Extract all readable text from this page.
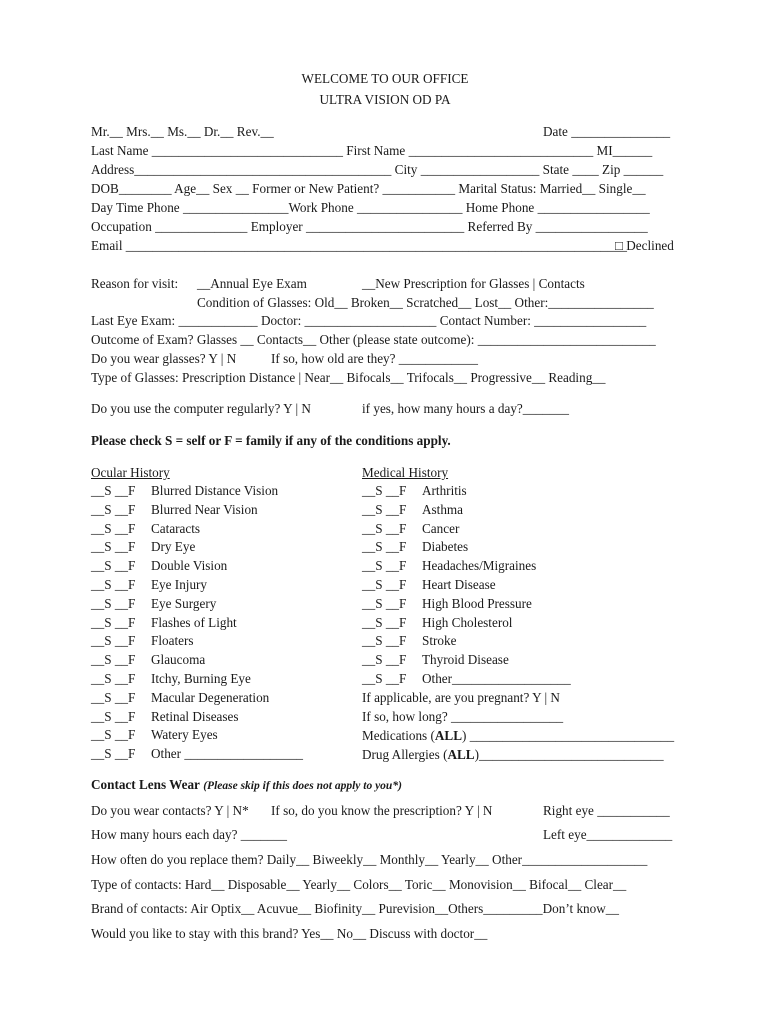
WELCOME TO OUR OFFICE
ULTRA VISION OD PA
Mr.__ Mrs.__ Ms.__ Dr.__ Rev.__	Date _______________
Last Name _____________________________ First Name ____________________________ MI______
Address_______________________________________ City __________________ State ____ Zip ______
DOB________ Age__ Sex __ Former or New Patient? ___________ Marital Status: Married__ Single__
Day Time Phone ________________Work Phone ________________ Home Phone _________________
Occupation ______________ Employer ________________________ Referred By _________________
Email ____________________________________________________________________________
□ Declined
Reason for visit: __Annual Eye Exam	__New Prescription for Glasses | Contacts
Condition of Glasses: Old__ Broken__ Scratched__ Lost__ Other:________________
Last Eye Exam: ____________ Doctor: ____________________ Contact Number: _________________
Outcome of Exam? Glasses __ Contacts__ Other (please state outcome): ___________________________
Do you wear glasses? Y | N	If so, how old are they? ____________
Type of Glasses: Prescription Distance | Near__ Bifocals__ Trifocals__ Progressive__ Reading__
Do you use the computer regularly? Y | N	if yes, how many hours a day?_______
Please check S = self or F = family if any of the conditions apply.
Ocular History	Medical History
__S __F Blurred Distance Vision
__S __F Blurred Near Vision
__S __F Cataracts
__S __F Dry Eye
__S __F Double Vision
__S __F Eye Injury
__S __F Eye Surgery
__S __F Flashes of Light
__S __F Floaters
__S __F Glaucoma
__S __F Itchy, Burning Eye
__S __F Macular Degeneration
__S __F Retinal Diseases
__S __F Watery Eyes
__S __F Other __________________
__S __F Arthritis
__S __F Asthma
__S __F Cancer
__S __F Diabetes
__S __F Headaches/Migraines
__S __F Heart Disease
__S __F High Blood Pressure
__S __F High Cholesterol
__S __F Stroke
__S __F Thyroid Disease
__S __F Other__________________
If applicable, are you pregnant? Y | N
If so, how long? _________________
Medications (ALL) _______________________________
Drug Allergies (ALL)____________________________
Contact Lens Wear (Please skip if this does not apply to you*)
Do you wear contacts? Y | N* If so, do you know the prescription? Y | N	Right eye ___________
How many hours each day? _______	Left eye_____________
How often do you replace them? Daily__ Biweekly__ Monthly__ Yearly__ Other___________________
Type of contacts: Hard__ Disposable__ Yearly__ Colors__ Toric__ Monovision__ Bifocal__ Clear__
Brand of contacts: Air Optix__ Acuvue__ Biofinity__ Purevision__Others_________Don’t know__
Would you like to stay with this brand? Yes__ No__ Discuss with doctor__
